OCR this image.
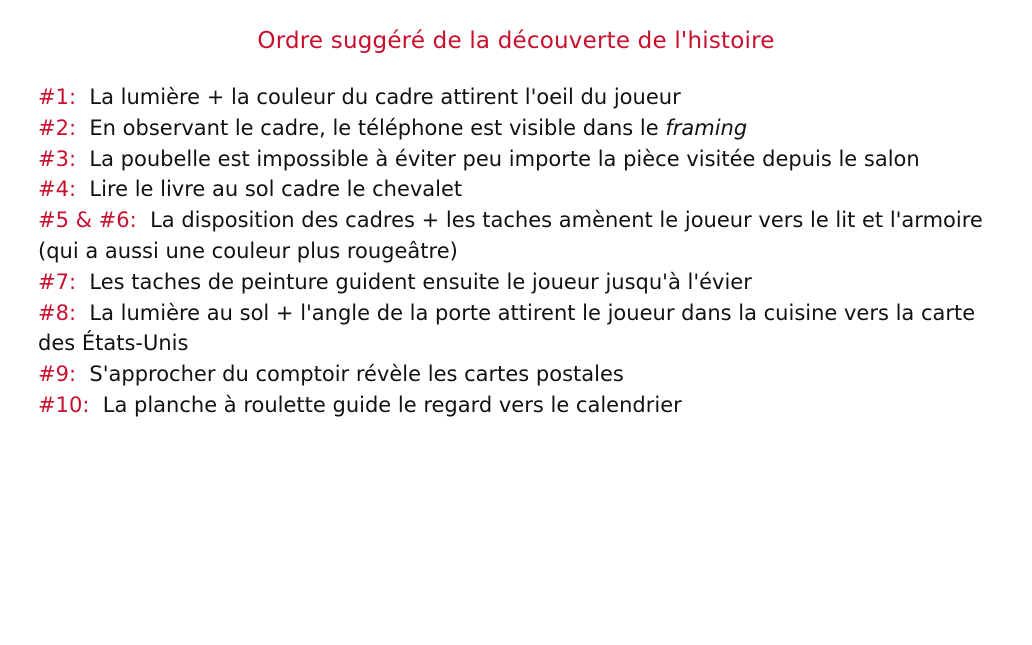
Ordre suggéré de la découverte de l'histoire
#1: La lumière + la couleur du cadre attirent l'oeil du joueur
#2: En observant le cadre, le téléphone est visible dans le framing
#3: La poubelle est impossible à éviter peu importe la pièce visitée depuis le salon
#4: Lire le livre au sol cadre le chevalet
#5 & #6: La disposition des cadres + les taches amènent le joueur vers le lit et l'armoire (qui a aussi une couleur plus rougeâtre)
#7: Les taches de peinture guident ensuite le joueur jusqu'à l'évier
#8: La lumière au sol + l'angle de la porte attirent le joueur dans la cuisine vers la carte des États-Unis
#9: S'approcher du comptoir révèle les cartes postales
#10: La planche à roulette guide le regard vers le calendrier
